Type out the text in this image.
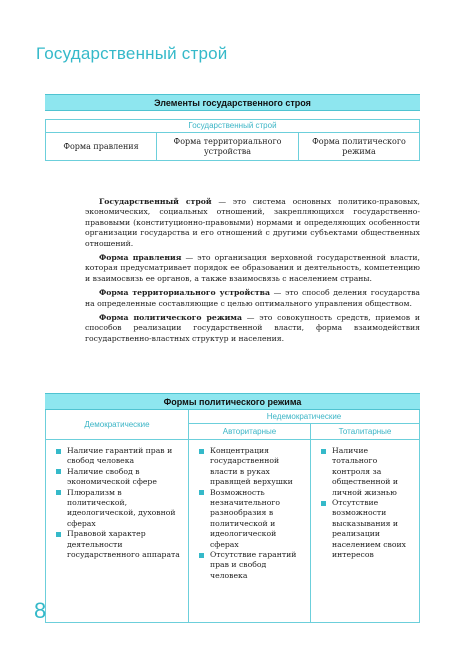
Государственный строй
Элементы государственного строя
Государственный строй
Форма правления
Форма территориального устройства
Форма политического режима

Государственный строй — это система основных политико-правовых, экономических, социальных отношений, закрепляющихся государственно-правовыми (конституционно-правовыми) нормами и определяющих особенности организации государства и его отношений с другими субъектами общественных отношений.

Форма правления — это организация верховной государственной власти, которая предусматривает порядок ее образования и деятельность, компетенцию и взаимосвязь ее органов, а также взаимосвязь с населением страны.

Форма территориального устройства — это способ деления государства на определенные составляющие с целью оптимального управления обществом.

Форма политического режима — это совокупность средств, приемов и способов реализации государственной власти, форма взаимодействия государственно-властных структур и населения.

Формы политического режима
Демократические
Наличие гарантий прав и свобод человека
Наличие свобод в экономической сфере
Плюрализм в политической, идеологической, духовной сферах
Правовой характер деятельности государственного аппарата
Недемократические
Авторитарные	Тоталитарные
Концентрация государственной власти в руках правящей верхушки
Возможность незначительного разнообразия в политической и идеологической сферах
Отсутствие гарантий прав и свобод человека
Наличие тотального контроля за общественной и личной жизнью
Отсутствие возможности высказывания и реализации населением своих интересов
8
